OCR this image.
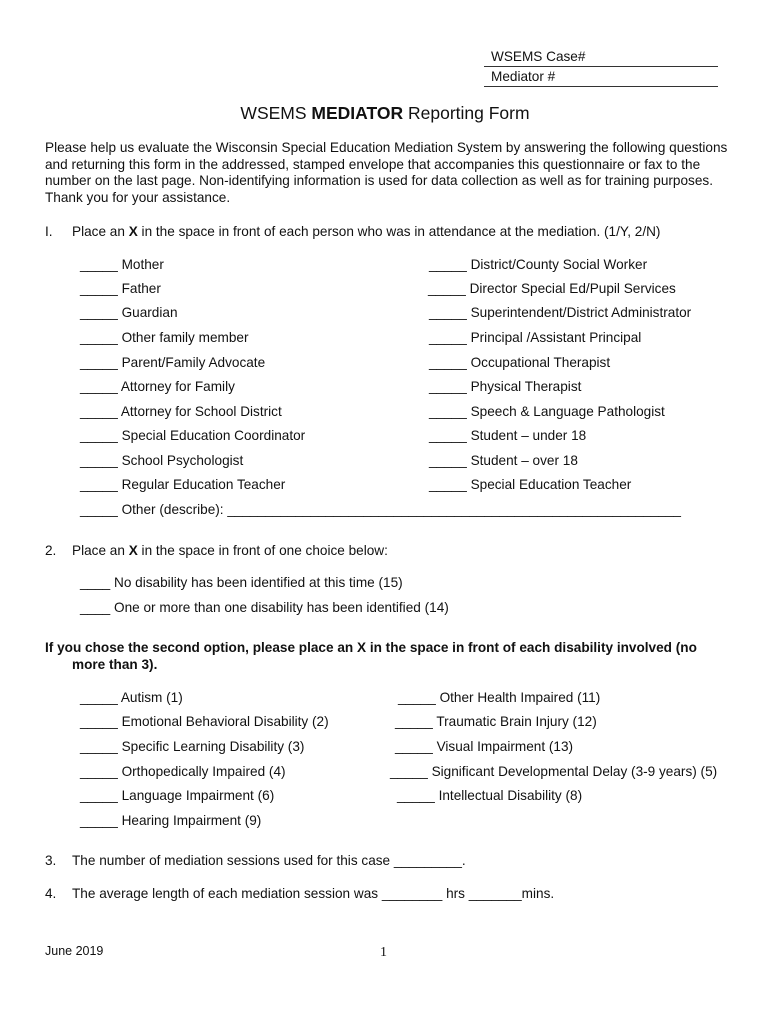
WSEMS Case#
Mediator #
WSEMS MEDIATOR Reporting Form
Please help us evaluate the Wisconsin Special Education Mediation System by answering the following questions and returning this form in the addressed, stamped envelope that accompanies this questionnaire or fax to the number on the last page. Non-identifying information is used for data collection as well as for training purposes. Thank you for your assistance.
I. Place an X in the space in front of each person who was in attendance at the mediation. (1/Y, 2/N)
_____ Mother
_____ Father
_____ Guardian
_____ Other family member
_____ Parent/Family Advocate
_____ Attorney for Family
_____ Attorney for School District
_____ Special Education Coordinator
_____ School Psychologist
_____ Regular Education Teacher
_____ District/County Social Worker
_____ Director Special Ed/Pupil Services
_____ Superintendent/District Administrator
_____ Principal /Assistant Principal
_____ Occupational Therapist
_____ Physical Therapist
_____ Speech & Language Pathologist
_____ Student – under 18
_____ Student – over 18
_____ Special Education Teacher
_____ Other (describe): ____________________________________________________________
2. Place an X in the space in front of one choice below:
____ No disability has been identified at this time (15)
____ One or more than one disability has been identified (14)
If you chose the second option, please place an X in the space in front of each disability involved (no
more than 3).
_____ Autism (1)
_____ Emotional Behavioral Disability (2)
_____ Specific Learning Disability (3)
_____ Orthopedically Impaired (4)
_____ Language Impairment (6)
_____ Hearing Impairment (9)
_____ Other Health Impaired (11)
_____ Traumatic Brain Injury (12)
_____ Visual Impairment (13)
_____ Significant Developmental Delay (3-9 years) (5)
_____ Intellectual Disability (8)
3. The number of mediation sessions used for this case _________.
4. The average length of each mediation session was ________ hrs _______mins.
June 2019	1
